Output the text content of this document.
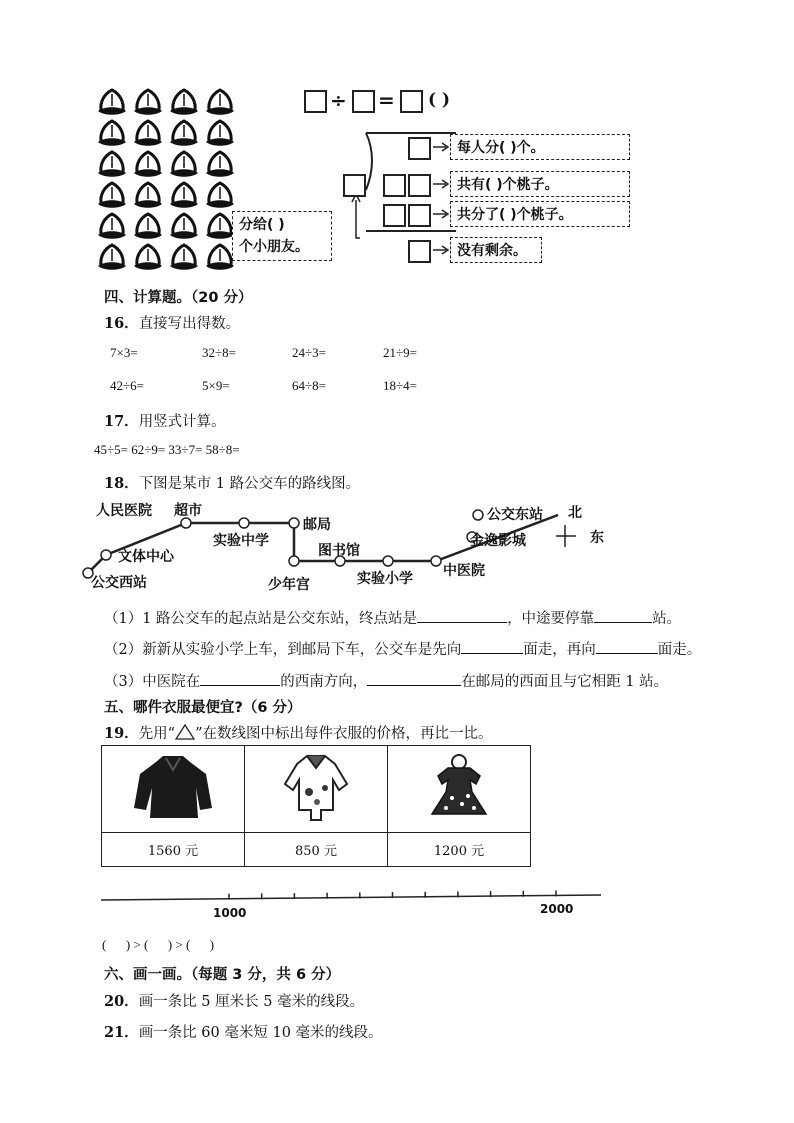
÷ = ( )
每人分( )个。
共有( )个桃子。
共分了( )个桃子。
没有剩余。
分给( )
个小朋友。
四、计算题。（20 分）
16．直接写出得数。
7×3=	32÷8=	24÷3=	21÷9=
42÷6=	5×9=	64÷8=	18÷4=
17．用竖式计算。
45÷5= 62÷9= 33÷7= 58÷8=
18．下图是某市 1 路公交车的路线图。
人民医院 超市
邮局
公交东站
文体中心
实验中学
图书馆
金逸影城
公交西站	少年宫	实验小学 中医院
北
东
（1）1 路公交车的起点站是公交东站，终点站是	，中途要停靠	站。
（2）新新从实验小学上车，到邮局下车，公交车是先向	面走，再向	面走。
（3）中医院在	的西南方向，	在邮局的西面且与它相距 1 站。
五、哪件衣服最便宜?（6 分）
19．先用“ ”在数线图中标出每件衣服的价格，再比一比。

1560 元	850 元	1200 元
1000	2000
(      ) > (      ) > (      )
六、画一画。（每题 3 分，共 6 分）
20．画一条比 5 厘米长 5 毫米的线段。
21．画一条比 60 毫米短 10 毫米的线段。
